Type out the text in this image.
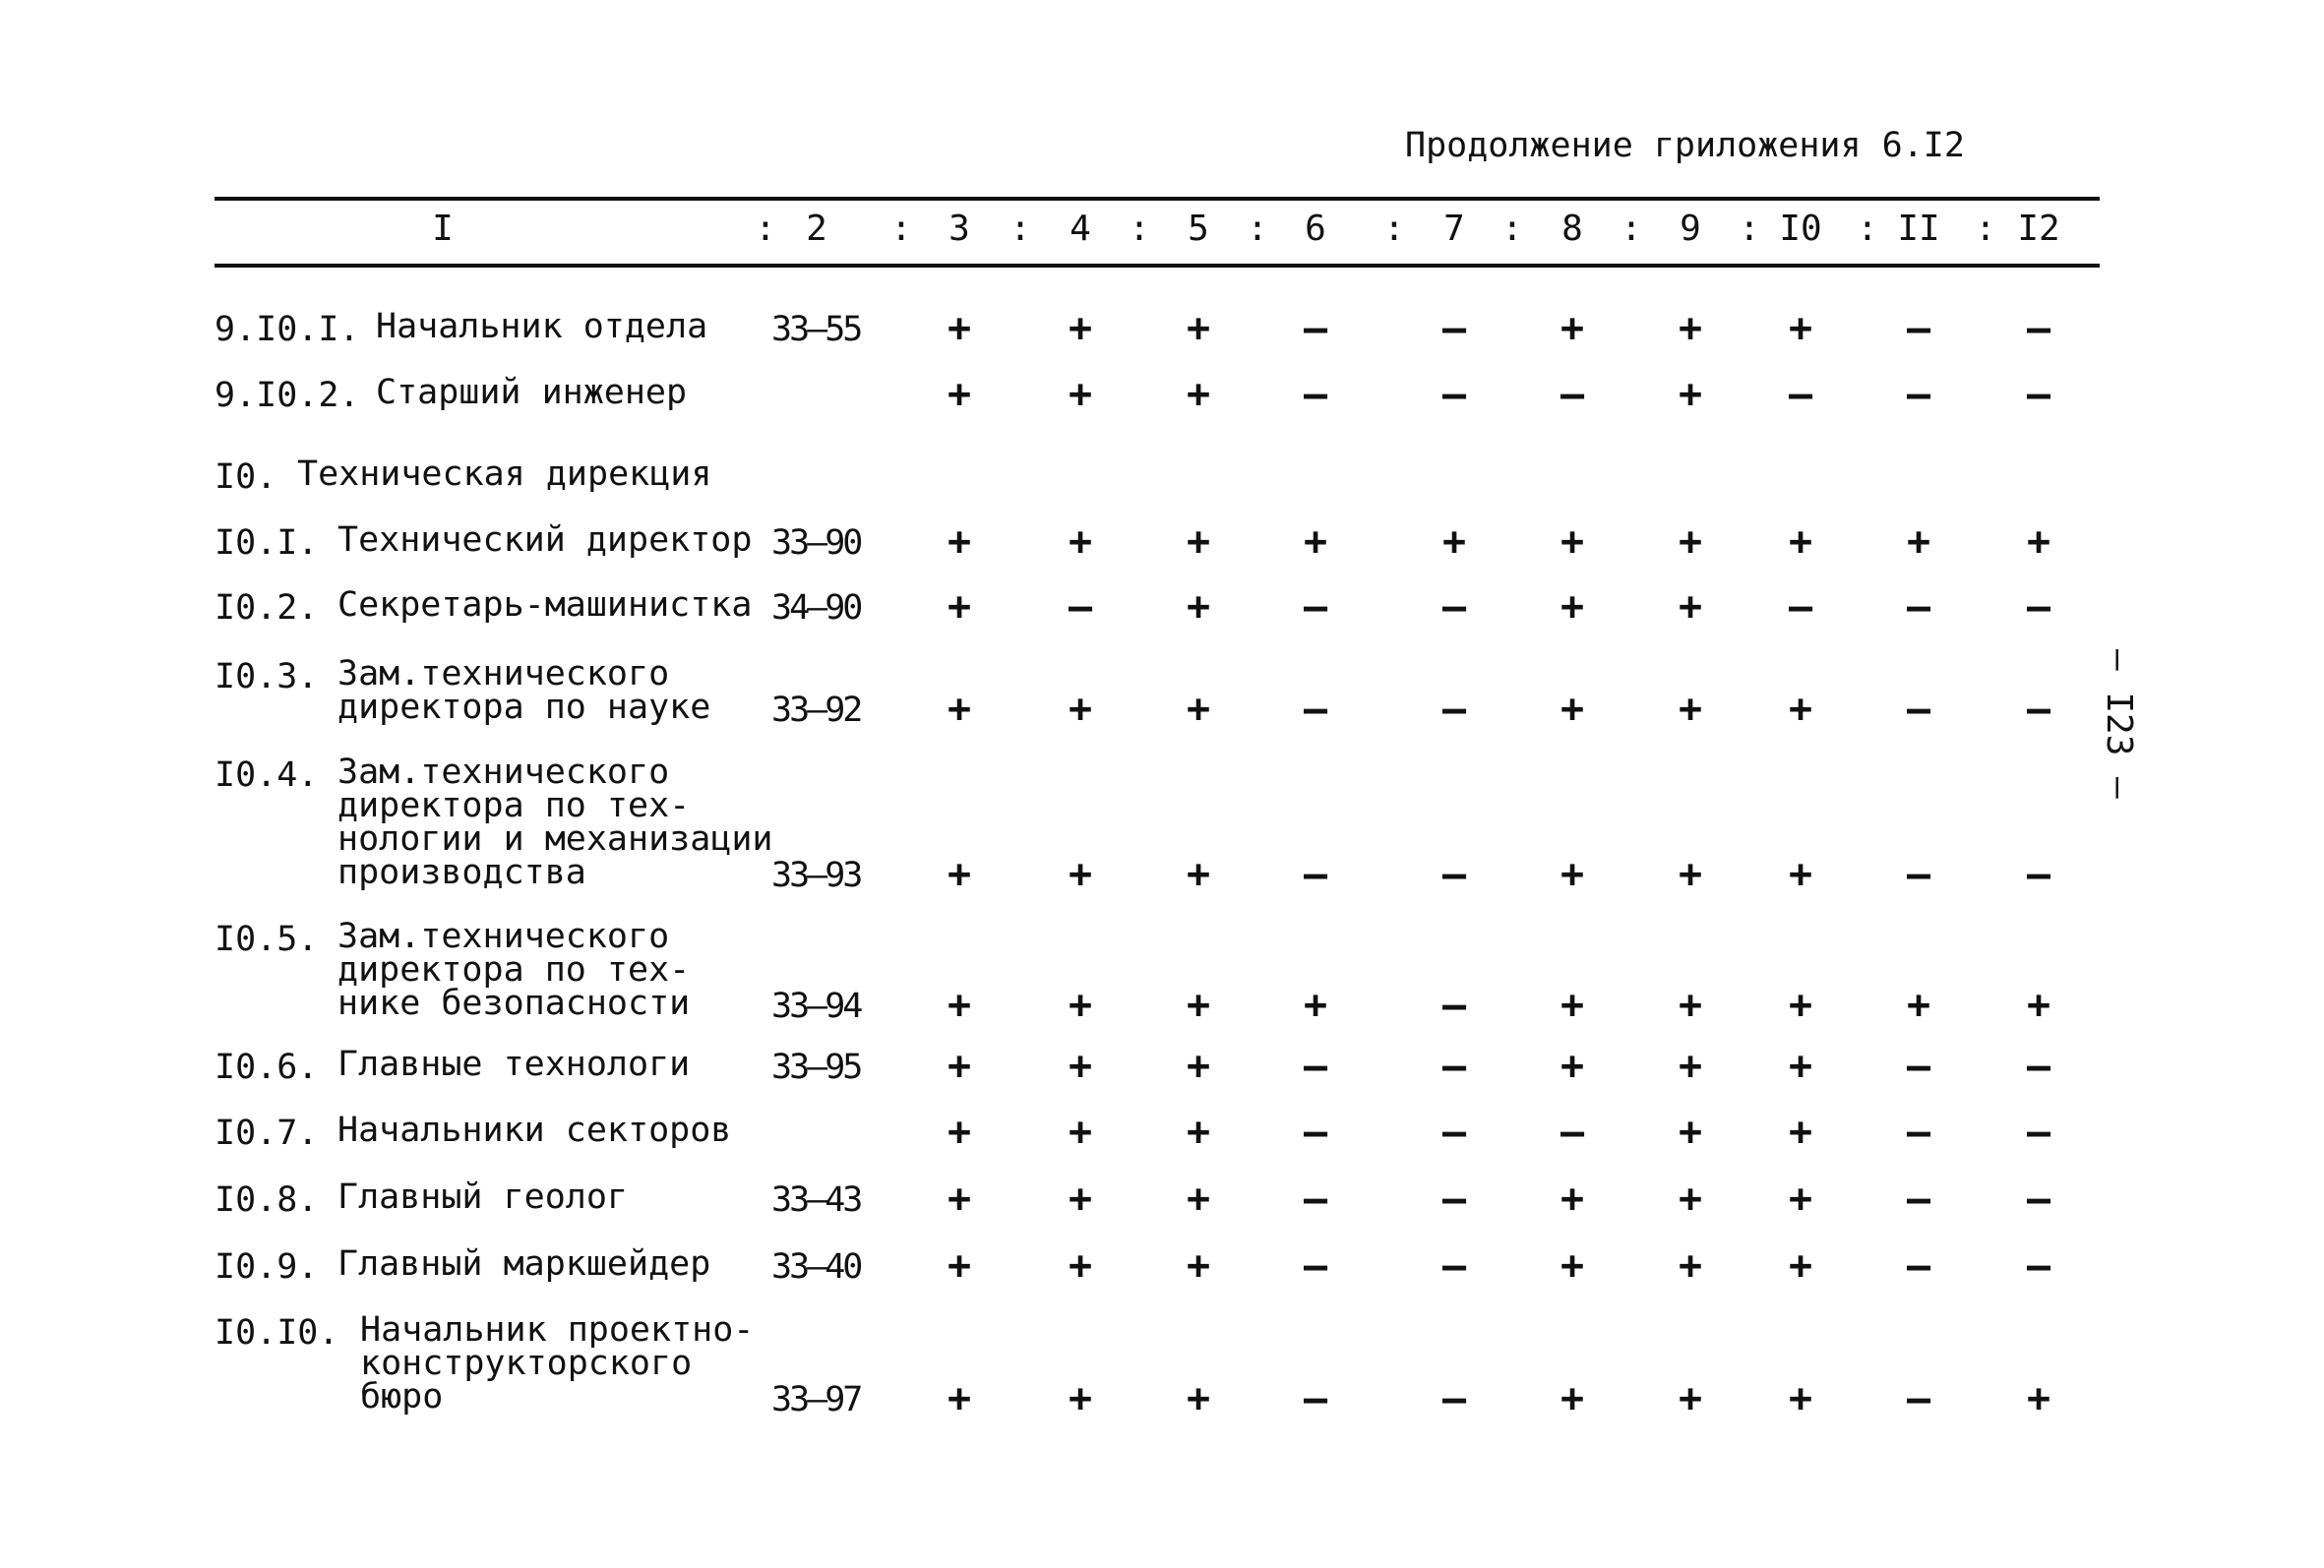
Продолжение гриложения 6.I2
I	2	3	4	5	6	7	8	9 I0 II I2
:	:	:	:	:	:	:	:	:	:	:
9.I0.I. Начальник отдела 33–55 + + + –	– + + + – –
9.I0.2. Старший инженер	+ + + –	– – + – – –
I0. Техническая дирекция
I0.I. Технический директор 33–90 + + + +	+ + + + + +
I0.2. Секретарь-машинистка 34–90 + – + –	– + + – – –
I0.3. Зам.технического
директора по науке 33–92 + + + –	– + + + – –
I0.4. Зам.технического
директора по тех-
нологии и механизации
производства	33–93 + + + –	– + + + – –
I0.5. Зам.технического
директора по тех-
нике безопасности 33–94 + + + +	– + + + + +
I0.6. Главные технологи 33–95 + + + –	– + + + – –
I0.7. Начальники секторов	+ + + –	– – + + – –
I0.8. Главный геолог	33–43 + + + –	– + + + – –
I0.9. Главный маркшейдер 33–40 + + + –	– + + + – –
I0.I0. Начальник проектно-
конструкторского
бюро	33–97 + + + –	– + + + – +
– I23 –
